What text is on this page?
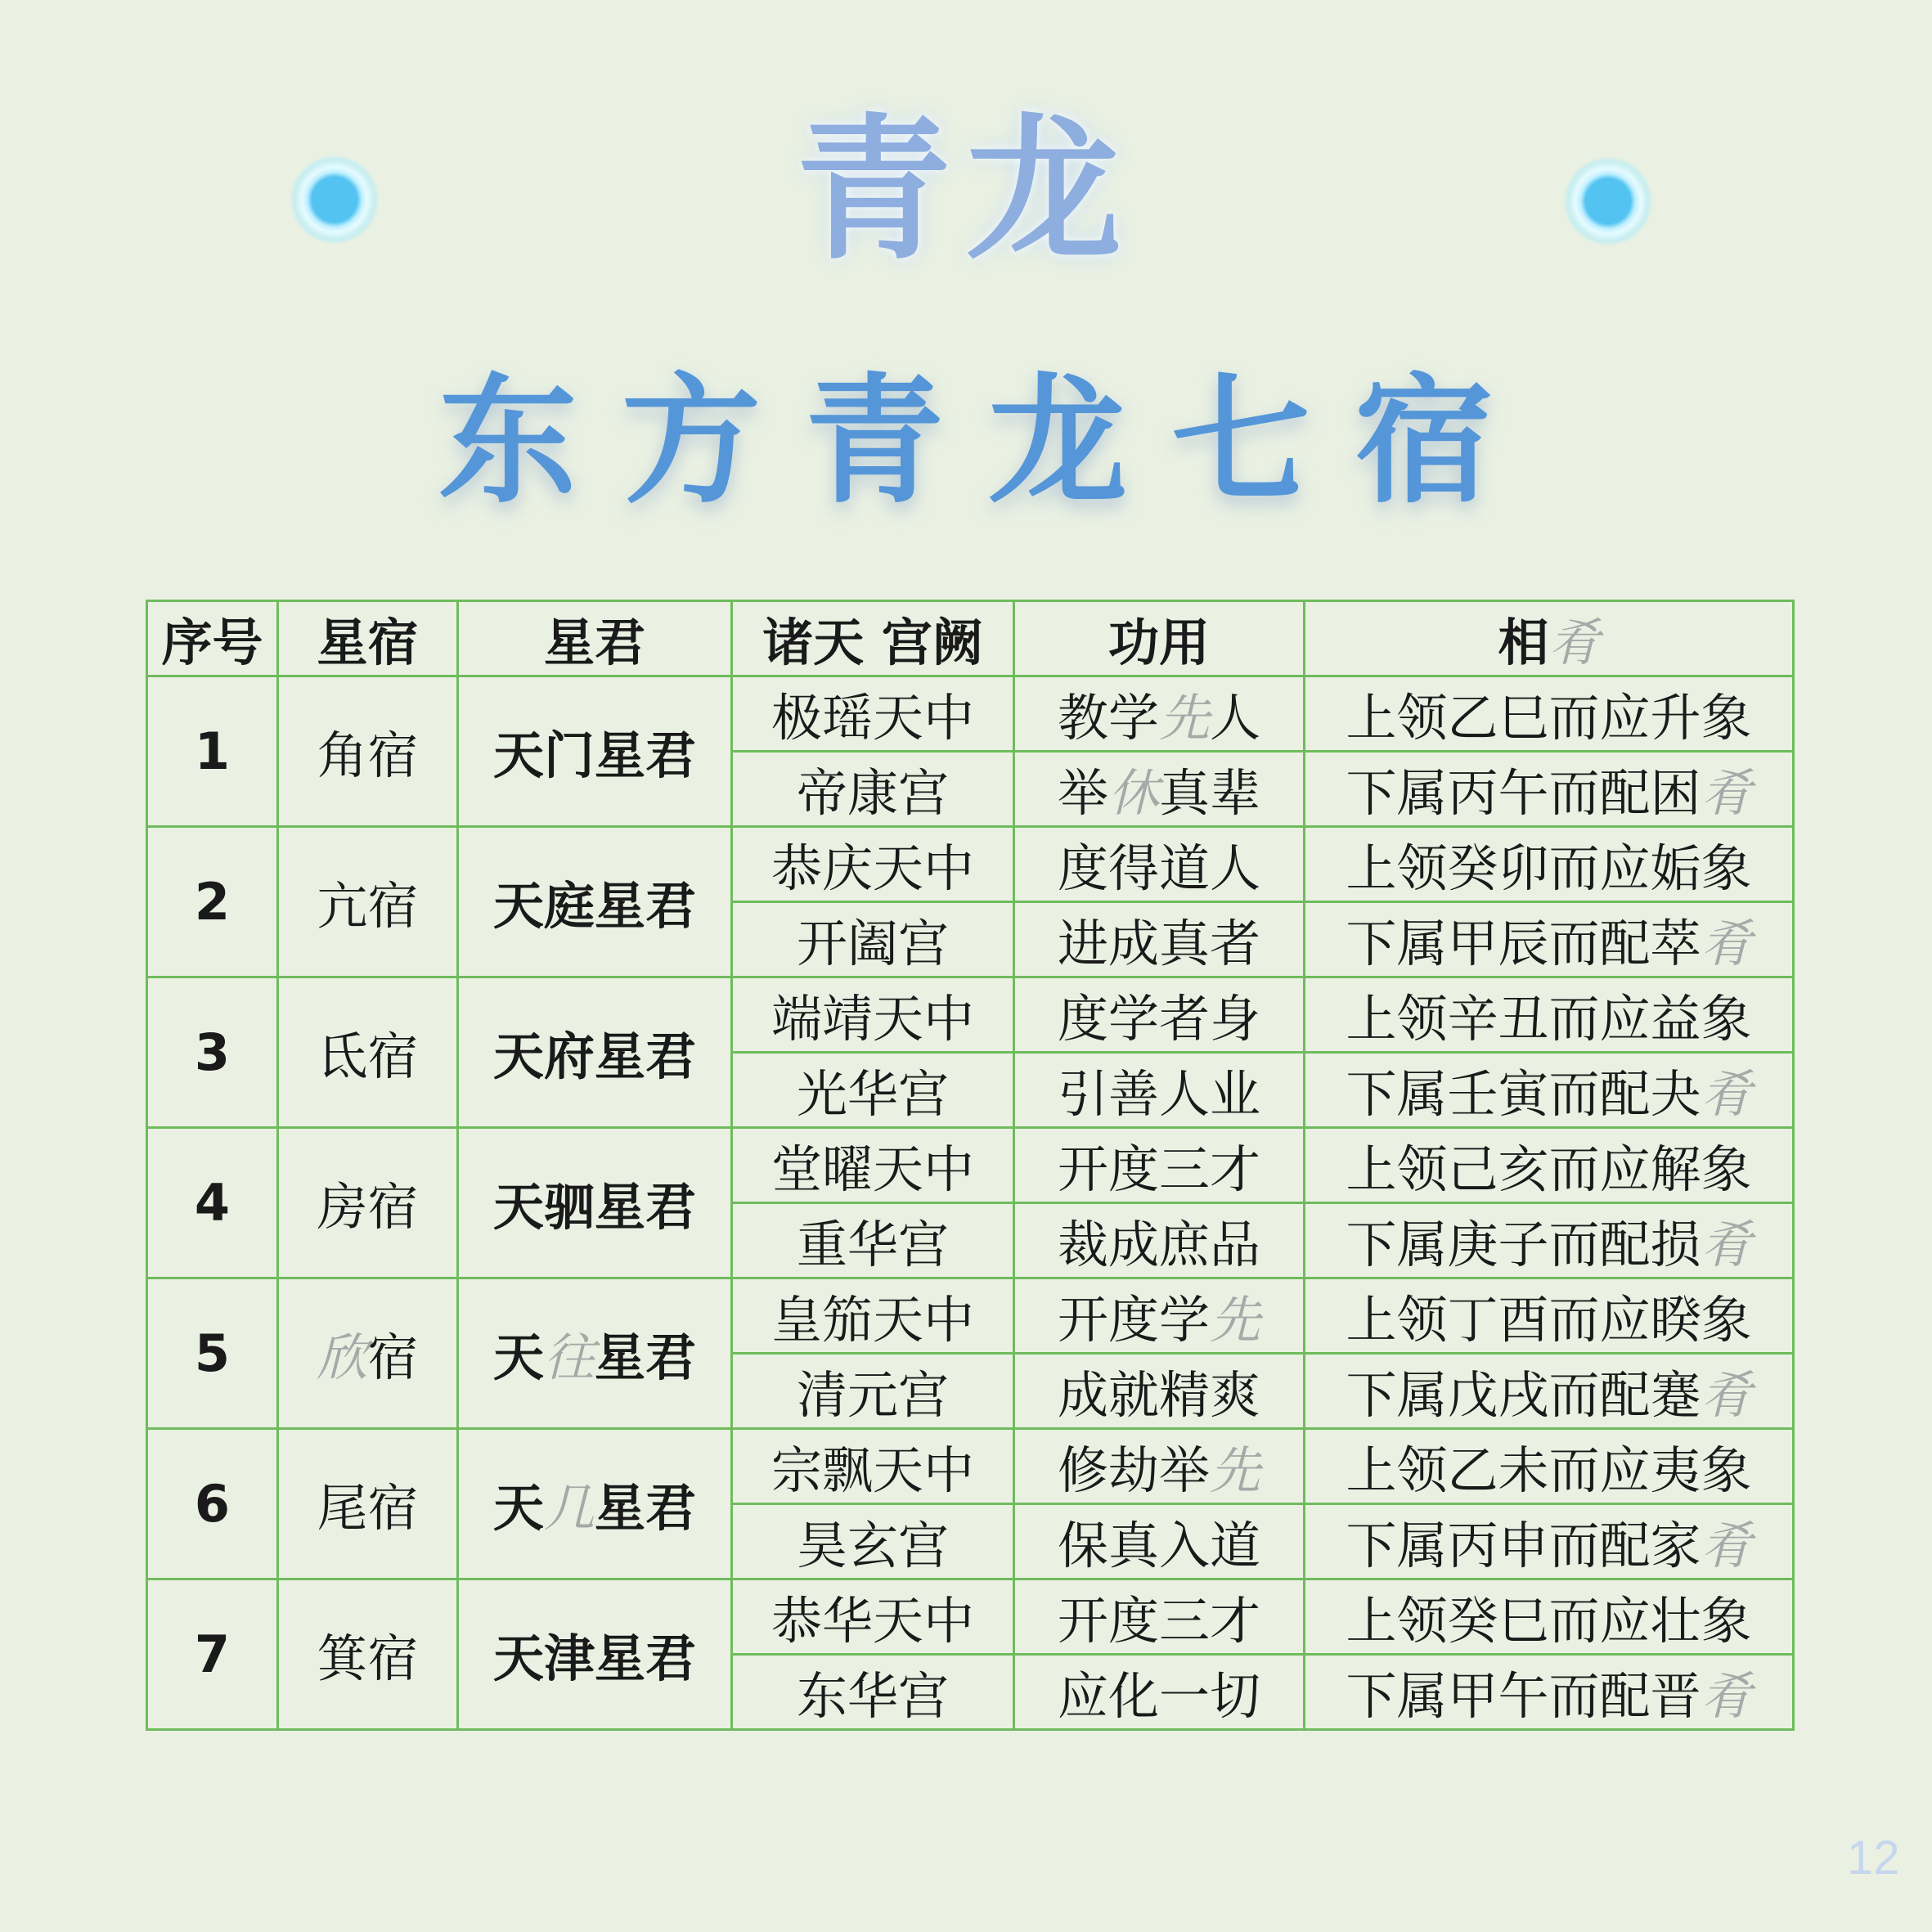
青龙
东方青龙七宿
序号	星宿	星君	诸天 宫阙	功用	相肴
1	角宿	天门星君	极瑶天中	教学先人	上领乙巳而应升象
			帝康宫	举休真辈	下属丙午而配困肴
2	亢宿	天庭星君	恭庆天中	度得道人	上领癸卯而应姤象
			开阖宫	进成真者	下属甲辰而配萃肴
3	氐宿	天府星君	端靖天中	度学者身	上领辛丑而应益象
			光华宫	引善人业	下属壬寅而配夬肴
4	房宿	天驷星君	堂曜天中	开度三才	上领己亥而应解象
			重华宫	裁成庶品	下属庚子而配损肴
5	欣宿	天往星君	皇笳天中	开度学先	上领丁酉而应睽象
			清元宫	成就精爽	下属戊戌而配蹇肴
6	尾宿	天几星君	宗飘天中	修劫举先	上领乙未而应夷象
			昊玄宫	保真入道	下属丙申而配家肴
7	箕宿	天津星君	恭华天中	开度三才	上领癸巳而应壮象
			东华宫	应化一切	下属甲午而配晋肴
12
